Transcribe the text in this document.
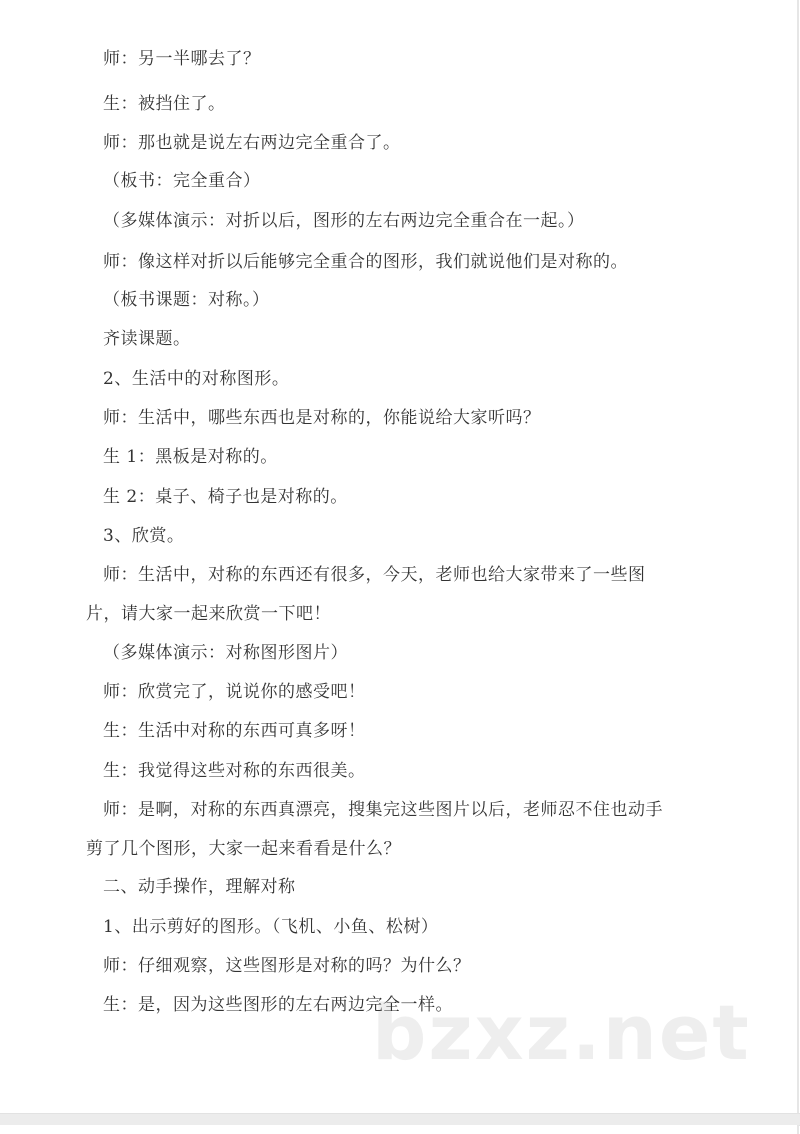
bzxz.net
师：另一半哪去了？
生：被挡住了。
师：那也就是说左右两边完全重合了。
（板书：完全重合）
（多媒体演示：对折以后，图形的左右两边完全重合在一起。）
师：像这样对折以后能够完全重合的图形，我们就说他们是对称的。
（板书课题：对称。）
齐读课题。
2、生活中的对称图形。
师：生活中，哪些东西也是对称的，你能说给大家听吗？
生 1：黑板是对称的。
生 2：桌子、椅子也是对称的。
3、欣赏。
师：生活中，对称的东西还有很多，今天，老师也给大家带来了一些图
片，请大家一起来欣赏一下吧！
（多媒体演示：对称图形图片）
师：欣赏完了，说说你的感受吧！
生：生活中对称的东西可真多呀！
生：我觉得这些对称的东西很美。
师：是啊，对称的东西真漂亮，搜集完这些图片以后，老师忍不住也动手
剪了几个图形，大家一起来看看是什么？
二、动手操作，理解对称
1、出示剪好的图形。（飞机、小鱼、松树）
师：仔细观察，这些图形是对称的吗？为什么？
生：是，因为这些图形的左右两边完全一样。
